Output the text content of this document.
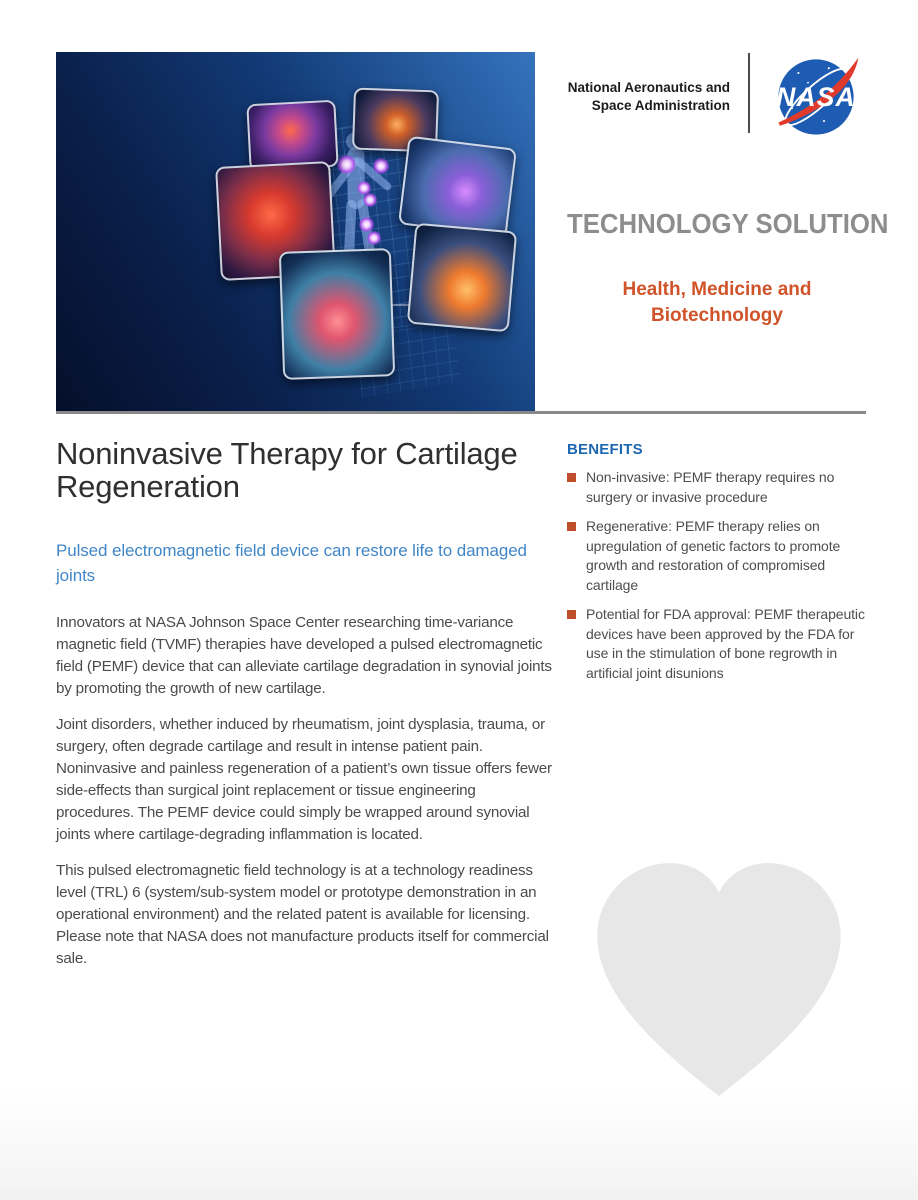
National Aeronautics and
Space Administration NASA
TECHNOLOGY SOLUTION
Health, Medicine and Biotechnology
Noninvasive Therapy for Cartilage Regeneration
Pulsed electromagnetic field device can restore life to damaged joints

Innovators at NASA Johnson Space Center researching time-variance magnetic field (TVMF) therapies have developed a pulsed electromagnetic field (PEMF) device that can alleviate cartilage degradation in synovial joints by promoting the growth of new cartilage.

Joint disorders, whether induced by rheumatism, joint dysplasia, trauma, or surgery, often degrade cartilage and result in intense patient pain. Noninvasive and painless regeneration of a patient’s own tissue offers fewer side-effects than surgical joint replacement or tissue engineering procedures. The PEMF device could simply be wrapped around synovial joints where cartilage-degrading inflammation is located.

This pulsed electromagnetic field technology is at a technology readiness level (TRL) 6 (system/sub-system model or prototype demonstration in an operational environment) and the related patent is available for licensing. Please note that NASA does not manufacture products itself for commercial sale.

BENEFITS
Non-invasive: PEMF therapy requires no surgery or invasive procedure
Regenerative: PEMF therapy relies on upregulation of genetic factors to promote growth and restoration of compromised cartilage
Potential for FDA approval: PEMF therapeutic devices have been approved by the FDA for use in the stimulation of bone regrowth in artificial joint disunions
